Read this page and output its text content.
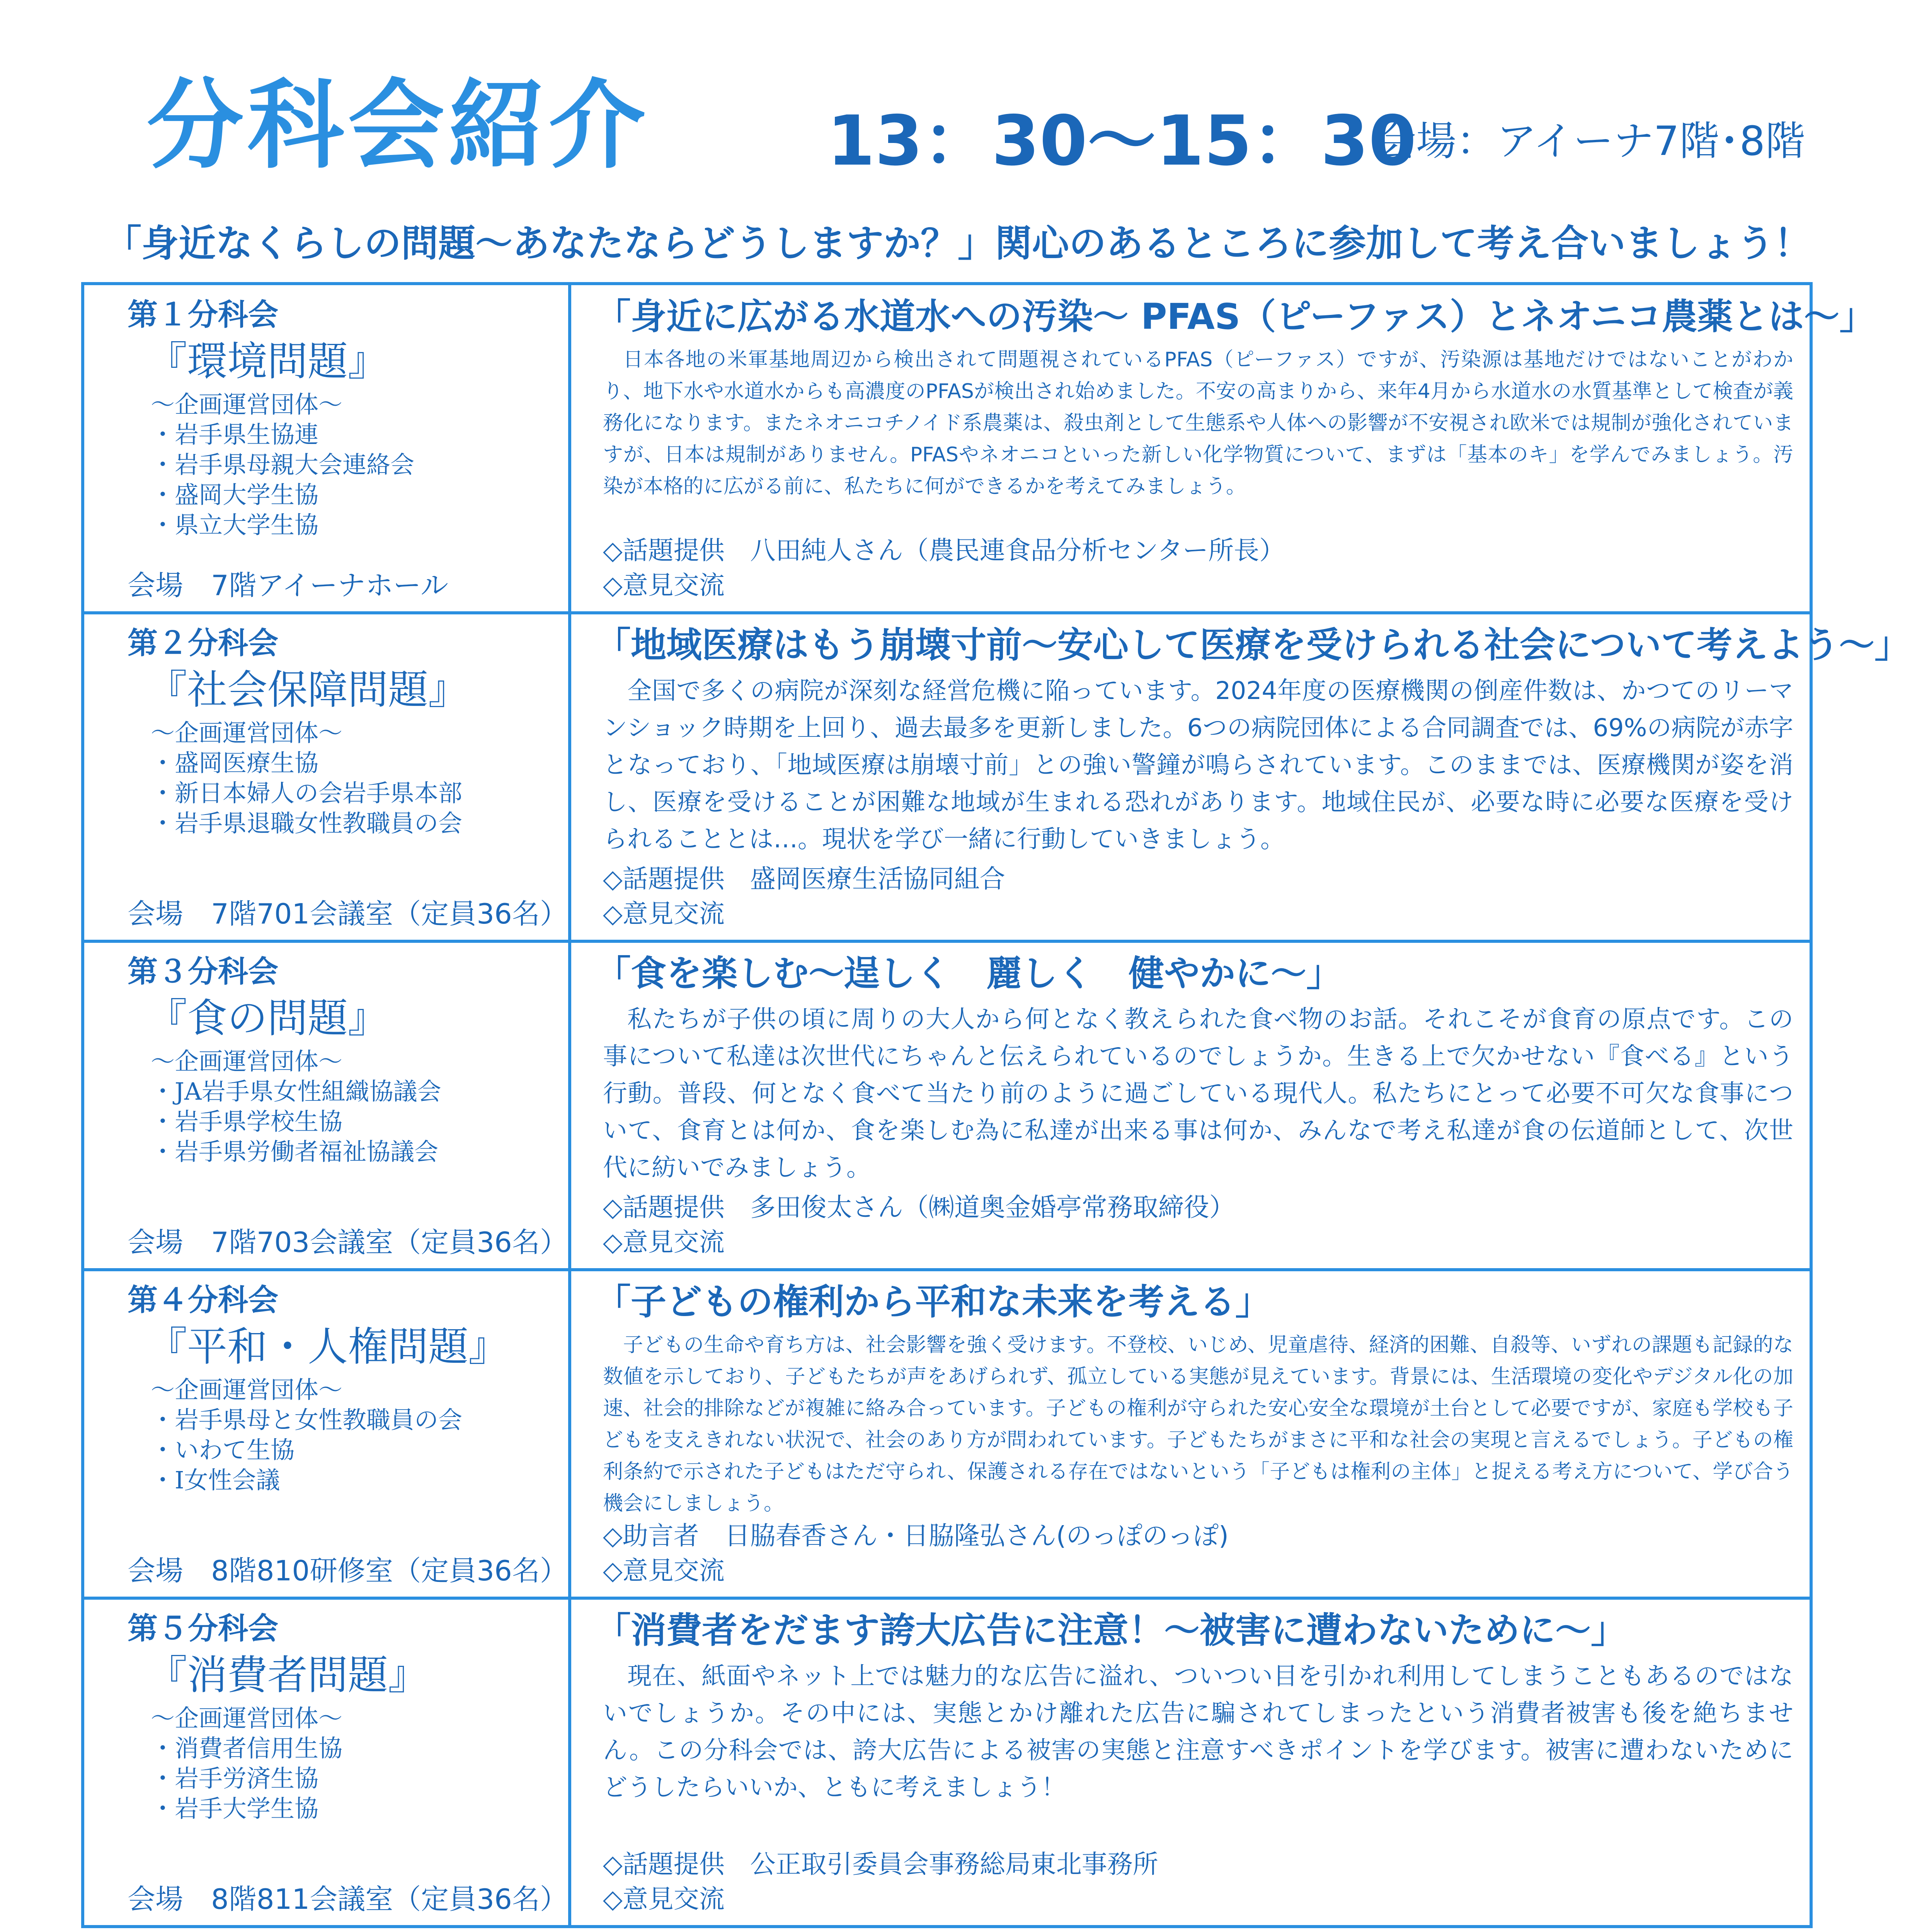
分科会紹介	13：30〜15：30
会場：アイーナ7階･8階
「身近なくらしの問題〜あなたならどうしますか？」関心のあるところに参加して考え合いましょう！
第１分科会
『環境問題』
〜企画運営団体〜
・岩手県生協連
・岩手県母親大会連絡会
・盛岡大学生協
・県立大学生協
会場　7階アイーナホール
「身近に広がる水道水への汚染〜 PFAS（ピーファス）とネオニコ農薬とは〜」
日本各地の米軍基地周辺から検出されて問題視されているPFAS（ピーファス）ですが、汚染源は基地だけではないことがわかり、地下水や水道水からも高濃度のPFASが検出され始めました。不安の高まりから、来年4月から水道水の水質基準として検査が義務化になります。またネオニコチノイド系農薬は、殺虫剤として生態系や人体への影響が不安視され欧米では規制が強化されていますが、日本は規制がありません。PFASやネオニコといった新しい化学物質について、まずは「基本のキ」を学んでみましょう。汚染が本格的に広がる前に、私たちに何ができるかを考えてみましょう。
◇話題提供　八田純人さん（農民連食品分析センター所長）
◇意見交流
第２分科会
『社会保障問題』
〜企画運営団体〜
・盛岡医療生協
・新日本婦人の会岩手県本部
・岩手県退職女性教職員の会
会場　7階701会議室（定員36名）
「地域医療はもう崩壊寸前〜安心して医療を受けられる社会について考えよう〜」
全国で多くの病院が深刻な経営危機に陥っています。2024年度の医療機関の倒産件数は、かつてのリーマンショック時期を上回り、過去最多を更新しました。6つの病院団体による合同調査では、69%の病院が赤字となっており、「地域医療は崩壊寸前」との強い警鐘が鳴らされています。このままでは、医療機関が姿を消し、医療を受けることが困難な地域が生まれる恐れがあります。地域住民が、必要な時に必要な医療を受けられることとは…。現状を学び一緒に行動していきましょう。
◇話題提供　盛岡医療生活協同組合
◇意見交流
第３分科会
『食の問題』
〜企画運営団体〜
・JA岩手県女性組織協議会
・岩手県学校生協
・岩手県労働者福祉協議会
会場　7階703会議室（定員36名）
「食を楽しむ〜逞しく　麗しく　健やかに〜」
私たちが子供の頃に周りの大人から何となく教えられた食べ物のお話。それこそが食育の原点です。この事について私達は次世代にちゃんと伝えられているのでしょうか。生きる上で欠かせない『食べる』という行動。普段、何となく食べて当たり前のように過ごしている現代人。私たちにとって必要不可欠な食事について、食育とは何か、食を楽しむ為に私達が出来る事は何か、みんなで考え私達が食の伝道師として、次世代に紡いでみましょう。
◇話題提供　多田俊太さん（㈱道奥金婚亭常務取締役）
◇意見交流
第４分科会
『平和・人権問題』
〜企画運営団体〜
・岩手県母と女性教職員の会
・いわて生協
・I女性会議
会場　8階810研修室（定員36名）
「子どもの権利から平和な未来を考える」
子どもの生命や育ち方は、社会影響を強く受けます。不登校、いじめ、児童虐待、経済的困難、自殺等、いずれの課題も記録的な数値を示しており、子どもたちが声をあげられず、孤立している実態が見えています。背景には、生活環境の変化やデジタル化の加速、社会的排除などが複雑に絡み合っています。子どもの権利が守られた安心安全な環境が土台として必要ですが、家庭も学校も子どもを支えきれない状況で、社会のあり方が問われています。子どもたちがまさに平和な社会の実現と言えるでしょう。子どもの権利条約で示された子どもはただ守られ、保護される存在ではないという「子どもは権利の主体」と捉える考え方について、学び合う機会にしましょう。
◇助言者　日脇春香さん・日脇隆弘さん(のっぽのっぽ)
◇意見交流
第５分科会
『消費者問題』
〜企画運営団体〜
・消費者信用生協
・岩手労済生協
・岩手大学生協
会場　8階811会議室（定員36名）
「消費者をだます誇大広告に注意！〜被害に遭わないために〜」
現在、紙面やネット上では魅力的な広告に溢れ、ついつい目を引かれ利用してしまうこともあるのではないでしょうか。その中には、実態とかけ離れた広告に騙されてしまったという消費者被害も後を絶ちません。この分科会では、誇大広告による被害の実態と注意すべきポイントを学びます。被害に遭わないためにどうしたらいいか、ともに考えましょう！
◇話題提供　公正取引委員会事務総局東北事務所
◇意見交流
